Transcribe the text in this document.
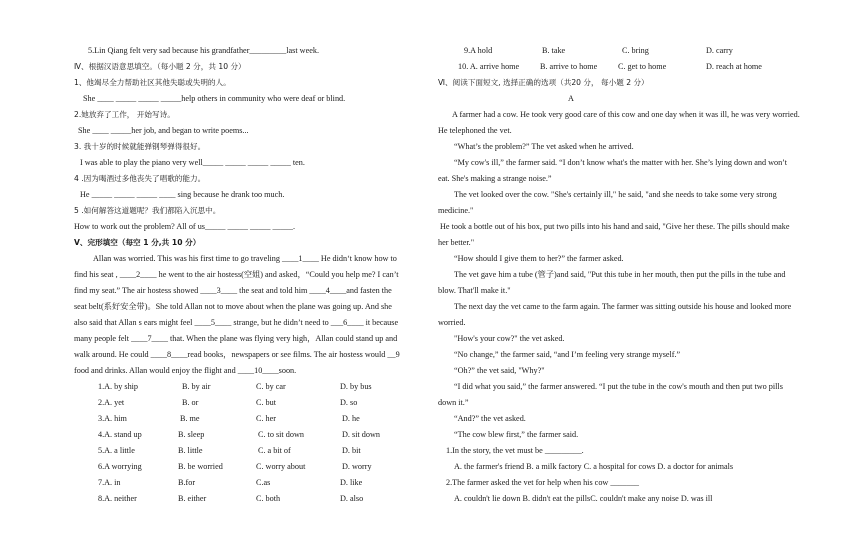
5.Lin Qiang felt very sad because his grandfather_________last week.
Ⅳ、根据汉语意思填空。（每小题 2 分，共 10 分）
1、他竭尽全力帮助社区其他失聪或失明的人。
She ____ _____ _____ _____help others in community who were deaf or blind.
2.她放弃了工作， 开始写诗。
She ____ _____her job, and began to write poems...
3. 我十岁的时候就能弹钢琴弹得很好。
I was able to play the piano very well_____ _____ _____ _____ ten.
4 .因为喝酒过多他丧失了唱歌的能力。
He _____ _____ _____ ____ sing because he drank too much.
5 .如何解答这道题呢？我们都陷入沉思中。
How to work out the problem? All of us_____ _____ _____ _____.
V、完形填空（每空 1 分,共 10 分）
Allan was worried. This was his first time to go traveling ____1____ He didn‘t know how to
find his seat , ____2____ he went to the air hostess(空姐) and asked，“Could you help me? I can’t
find my seat.” The air hostess showed ____3____ the seat and told him ____4____and fasten the
seat belt(系好安全带)。She told Allan not to move about when the plane was going up. And she
also said that Allan s ears might feel ____5____ strange, but he didn’t need to ___6____ it because
many people felt ____7____ that. When the plane was flying very high，Allan could stand up and
walk around. He could ____8____read books，newspapers or see films. The air hostess would __9
food and drinks. Allan would enjoy the flight and ____10____soon.
1.A. by ship	B. by air	C. by car	D. by bus
2.A. yet	B. or	C. but	D. so
3.A. him	B. me	C. her	D. he
4.A. stand up	B. sleep	C. to sit down	D. sit down
5.A. a little	B. little	C. a bit of	D. bit
6.A worrying	B. be worried	C. worry about	D. worry
7.A. in	B.for	C.as	D. like
8.A. neither	B. either	C. both	D. also
9.A hold	B. take	C. bring	D. carry
10. A. arrive home	B. arrive to home	C. get to home	D. reach at home
Ⅵ、阅读下面短文, 选择正确的选项（共20 分， 每小题 2 分）
A
A farmer had a cow. He took very good care of this cow and one day when it was ill, he was very worried.
He telephoned the vet.
“What’s the problem?” The vet asked when he arrived.
“My cow's ill,” the farmer said. “I don’t know what's the matter with her. She’s lying down and won’t
eat. She's making a strange noise.”
The vet looked over the cow. "She's certainly ill," he said, "and she needs to take some very strong
medicine."
He took a bottle out of his box, put two pills into his hand and said, "Give her these. The pills should make
her better."
“How should I give them to her?” the farmer asked.
The vet gave him a tube (管子)and said, "Put this tube in her mouth, then put the pills in the tube and
blow. That'll make it."
The next day the vet came to the farm again. The farmer was sitting outside his house and looked more
worried.
"How's your cow?" the vet asked.
“No change,” the farmer said, “and I’m feeling very strange myself.”
“Oh?” the vet said, "Why?"
“I did what you said,” the farmer answered. “I put the tube in the cow's mouth and then put two pills
down it.”
“And?” the vet asked.
“The cow blew first,” the farmer said.
1.In the story, the vet must be _________.
A. the farmer's friend B. a milk factory C. a hospital for cows D. a doctor for animals
2.The farmer asked the vet for help when his cow _______
A. couldn't lie down B. didn't eat the pillsC. couldn't make any noise D. was ill
